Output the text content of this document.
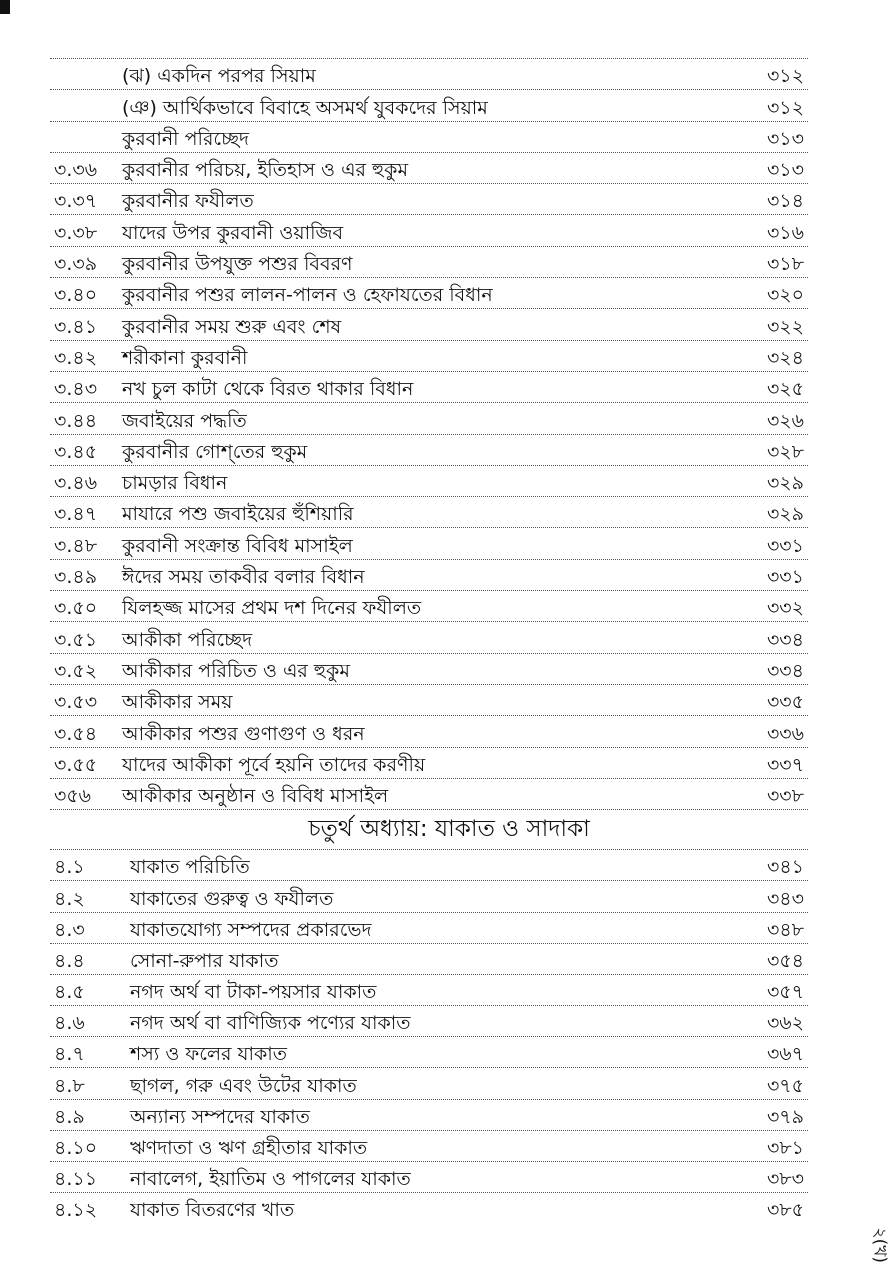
(ঝ) একদিন পরপর সিয়াম	৩১২
(ঞ) আর্থিকভাবে বিবাহে অসমর্থ যুবকদের সিয়াম	৩১২
কুরবানী পরিচ্ছেদ	৩১৩
৩.৩৬	কুরবানীর পরিচয়, ইতিহাস ও এর হুকুম	৩১৩
৩.৩৭	কুরবানীর ফযীলত	৩১৪
৩.৩৮	যাদের উপর কুরবানী ওয়াজিব	৩১৬
৩.৩৯	কুরবানীর উপযুক্ত পশুর বিবরণ	৩১৮
৩.৪০	কুরবানীর পশুর লালন-পালন ও হেফাযতের বিধান	৩২০
৩.৪১	কুরবানীর সময় শুরু এবং শেষ	৩২২
৩.৪২	শরীকানা কুরবানী	৩২৪
৩.৪৩	নখ চুল কাটা থেকে বিরত থাকার বিধান	৩২৫
৩.৪৪	জবাইয়ের পদ্ধতি	৩২৬
৩.৪৫	কুরবানীর গোশ্‌তের হুকুম	৩২৮
৩.৪৬	চামড়ার বিধান	৩২৯
৩.৪৭	মাযারে পশু জবাইয়ের হুঁশিয়ারি	৩২৯
৩.৪৮	কুরবানী সংক্রান্ত বিবিধ মাসাইল	৩৩১
৩.৪৯	ঈদের সময় তাকবীর বলার বিধান	৩৩১
৩.৫০	যিলহজ্জ মাসের প্রথম দশ দিনের ফযীলত	৩৩২
৩.৫১	আকীকা পরিচ্ছেদ	৩৩৪
৩.৫২	আকীকার পরিচিত ও এর হুকুম	৩৩৪
৩.৫৩	আকীকার সময়	৩৩৫
৩.৫৪	আকীকার পশুর গুণাগুণ ও ধরন	৩৩৬
৩.৫৫	যাদের আকীকা পূর্বে হয়নি তাদের করণীয়	৩৩৭
৩৫৬	আকীকার অনুষ্ঠান ও বিবিধ মাসাইল	৩৩৮
চতুর্থ অধ্যায়: যাকাত ও সাদাকা
৪.১	যাকাত পরিচিতি	৩৪১
৪.২	যাকাতের গুরুত্ব ও ফযীলত	৩৪৩
৪.৩	যাকাতযোগ্য সম্পদের প্রকারভেদ	৩৪৮
৪.৪	সোনা-রুপার যাকাত	৩৫৪
৪.৫	নগদ অর্থ বা টাকা-পয়সার যাকাত	৩৫৭
৪.৬	নগদ অর্থ বা বাণিজ্যিক পণ্যের যাকাত	৩৬২
৪.৭	শস্য ও ফলের যাকাত	৩৬৭
৪.৮	ছাগল, গরু এবং উটের যাকাত	৩৭৫
৪.৯	অন্যান্য সম্পদের যাকাত	৩৭৯
৪.১০	ঋণদাতা ও ঋণ গ্রহীতার যাকাত	৩৮১
৪.১১	নাবালেগ, ইয়াতিম ও পাগলের যাকাত	৩৮৩
৪.১২	যাকাত বিতরণের খাত	৩৮৫
২(খ)
